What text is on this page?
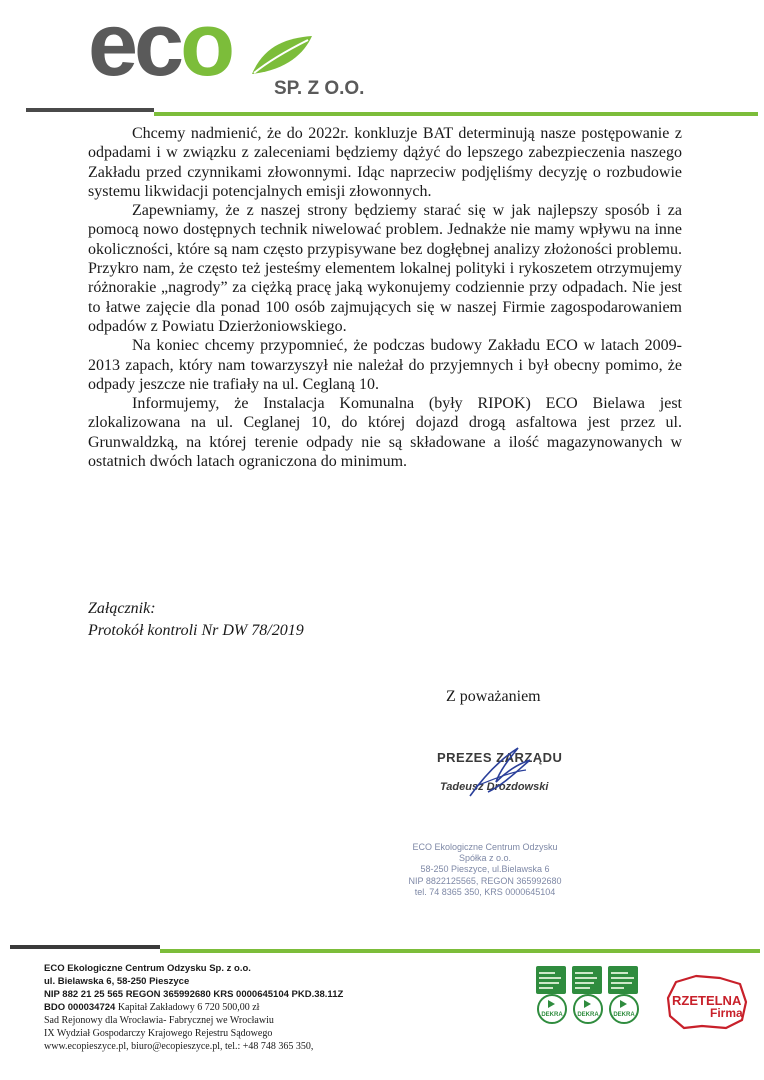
eco SP. Z O.O.

Chcemy nadmienić, że do 2022r. konkluzje BAT determinują nasze postępowanie z odpadami i w związku z zaleceniami będziemy dążyć do lepszego zabezpieczenia naszego Zakładu przed czynnikami złowonnymi. Idąc naprzeciw podjęliśmy decyzję o rozbudowie systemu likwidacji potencjalnych emisji złowonnych.

Zapewniamy, że z naszej strony będziemy starać się w jak najlepszy sposób i za pomocą nowo dostępnych technik niwelować problem. Jednakże nie mamy wpływu na inne okoliczności, które są nam często przypisywane bez dogłębnej analizy złożoności problemu. Przykro nam, że często też jesteśmy elementem lokalnej polityki i rykoszetem otrzymujemy różnorakie „nagrody” za ciężką pracę jaką wykonujemy codziennie przy odpadach. Nie jest to łatwe zajęcie dla ponad 100 osób zajmujących się w naszej Firmie zagospodarowaniem odpadów z Powiatu Dzierżoniowskiego.

Na koniec chcemy przypomnieć, że podczas budowy Zakładu ECO w latach 2009-2013 zapach, który nam towarzyszył nie należał do przyjemnych i był obecny pomimo, że odpady jeszcze nie trafiały na ul. Ceglaną 10.

Informujemy, że Instalacja Komunalna (były RIPOK) ECO Bielawa jest zlokalizowana na ul. Ceglanej 10, do której dojazd drogą asfaltowa jest przez ul. Grunwaldzką, na której terenie odpady nie są składowane a ilość magazynowanych w ostatnich dwóch latach ograniczona do minimum.

Załącznik:
Protokół kontroli Nr DW 78/2019
Z poważaniem
PREZES ZARZĄDU
Tadeusz Drozdowski
ECO Ekologiczne Centrum Odzysku
Spółka z o.o.
58-250 Pieszyce, ul.Bielawska 6
NIP 8822125565, REGON 365992680
tel. 74 8365 350, KRS 0000645104
ECO Ekologiczne Centrum Odzysku Sp. z o.o.
ul. Bielawska 6, 58-250 Pieszyce
NIP 882 21 25 565 REGON 365992680 KRS 0000645104 PKD.38.11Z
BDO 000034724 Kapitał Zakładowy 6 720 500,00 zł
Sad Rejonowy dla Wrocławia- Fabrycznej we Wrocławiu
IX Wydział Gospodarczy Krajowego Rejestru Sądowego
www.ecopieszyce.pl, biuro@ecopieszyce.pl, tel.: +48 748 365 350,
DEKRA	DEKRA	DEKRA
RZETELNA
Firma
